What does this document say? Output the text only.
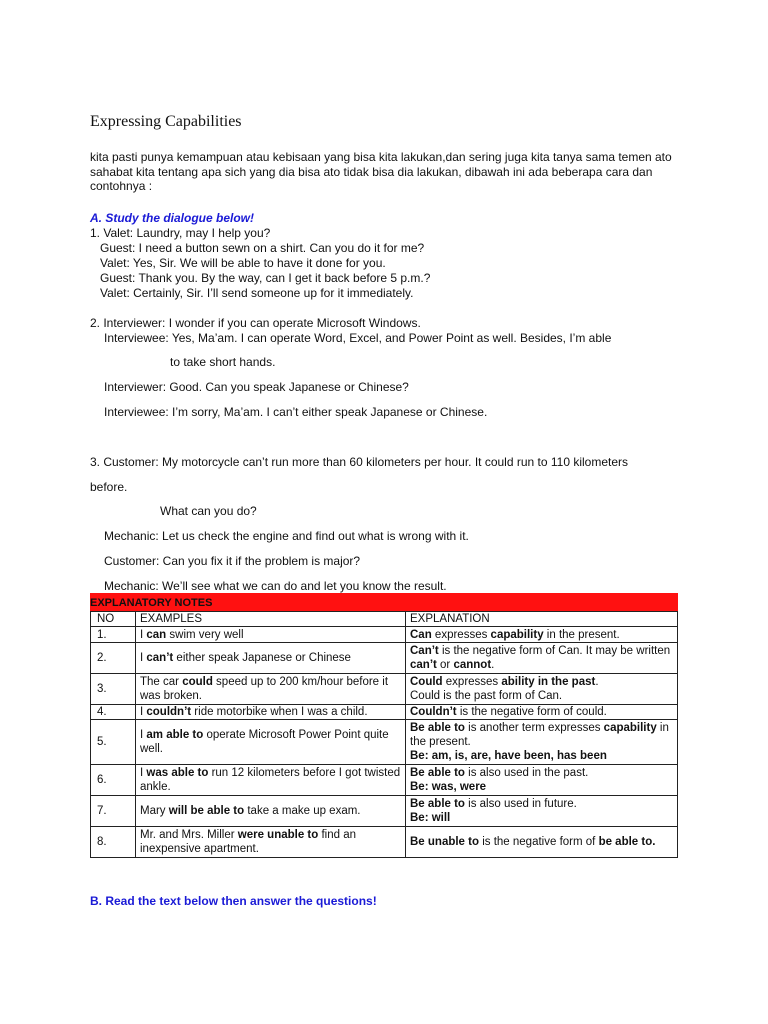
Expressing Capabilities
kita pasti punya kemampuan atau kebisaan yang bisa kita lakukan,dan sering juga kita tanya sama temen ato sahabat kita tentang apa sich yang dia bisa ato tidak bisa dia lakukan, dibawah ini ada beberapa cara dan contohnya :
A. Study the dialogue below!
1. Valet: Laundry, may I help you?
Guest: I need a button sewn on a shirt. Can you do it for me?
Valet: Yes, Sir. We will be able to have it done for you.
Guest: Thank you. By the way, can I get it back before 5 p.m.?
Valet: Certainly, Sir. I’ll send someone up for it immediately.
2. Interviewer: I wonder if you can operate Microsoft Windows.
Interviewee: Yes, Ma’am. I can operate Word, Excel, and Power Point as well. Besides, I’m able
to take short hands.
Interviewer: Good. Can you speak Japanese or Chinese?
Interviewee: I’m sorry, Ma’am. I can’t either speak Japanese or Chinese.
3. Customer: My motorcycle can’t run more than 60 kilometers per hour. It could run to 110 kilometers
before.
What can you do?
Mechanic: Let us check the engine and find out what is wrong with it.
Customer: Can you fix it if the problem is major?
Mechanic: We’ll see what we can do and let you know the result.
EXPLANATORY NOTES
NO	EXAMPLES	EXPLANATION
1.	I can swim very well	Can expresses capability in the present.
2.	I can’t either speak Japanese or Chinese	Can’t is the negative form of Can. It may be written can’t or cannot.
3.	The car could speed up to 200 km/hour before it was broken.	Could expresses ability in the past.
Could is the past form of Can.
4.	I couldn’t ride motorbike when I was a child.	Couldn’t is the negative form of could.
5.	I am able to operate Microsoft Power Point quite well.	Be able to is another term expresses capability in the present.
Be: am, is, are, have been, has been
6.	I was able to run 12 kilometers before I got twisted ankle.	Be able to is also used in the past.
Be: was, were
7.	Mary will be able to take a make up exam.	Be able to is also used in future.
Be: will
8.	Mr. and Mrs. Miller were unable to find an inexpensive apartment.	Be unable to is the negative form of be able to.
B. Read the text below then answer the questions!
